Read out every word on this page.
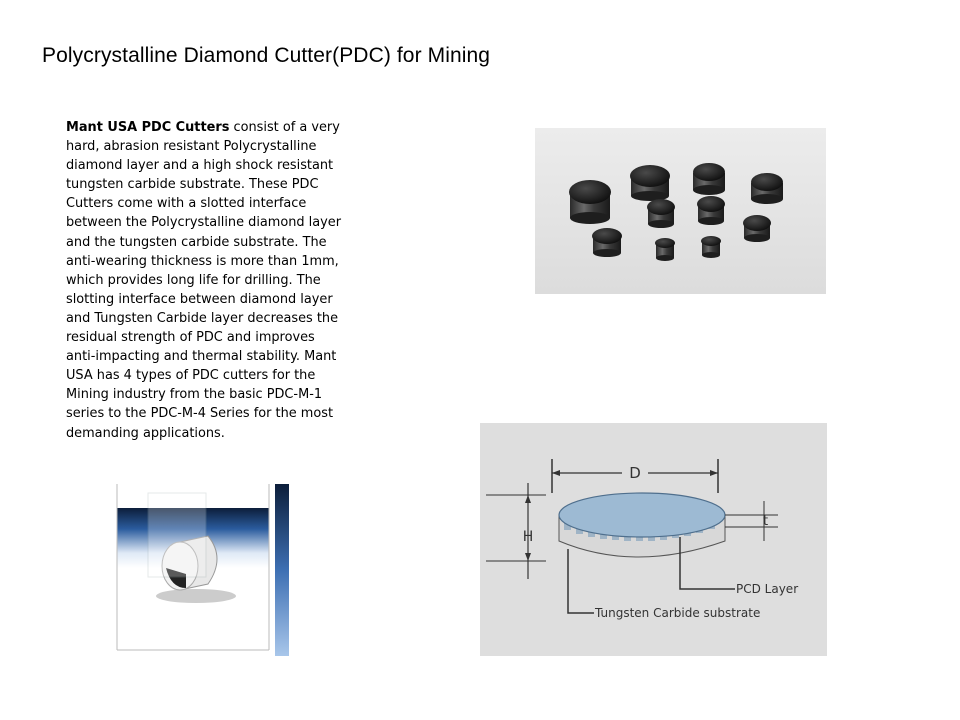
Polycrystalline Diamond Cutter(PDC) for Mining
Mant USA PDC Cutters consist of a very hard, abrasion resistant Polycrystalline diamond layer and a high shock resistant tungsten carbide substrate. These PDC Cutters come with a slotted interface between the Polycrystalline diamond layer and the tungsten carbide substrate. The anti-wearing thickness is more than 1mm, which provides long life for drilling. The slotting interface between diamond layer and Tungsten Carbide layer decreases the residual strength of PDC and improves anti-impacting and thermal stability. Mant USA has 4 types of PDC cutters for the Mining industry from the basic PDC-M-1 series to the PDC-M-4 Series for the most demanding applications.
D
H
t
PCD Layer
Tungsten Carbide substrate
